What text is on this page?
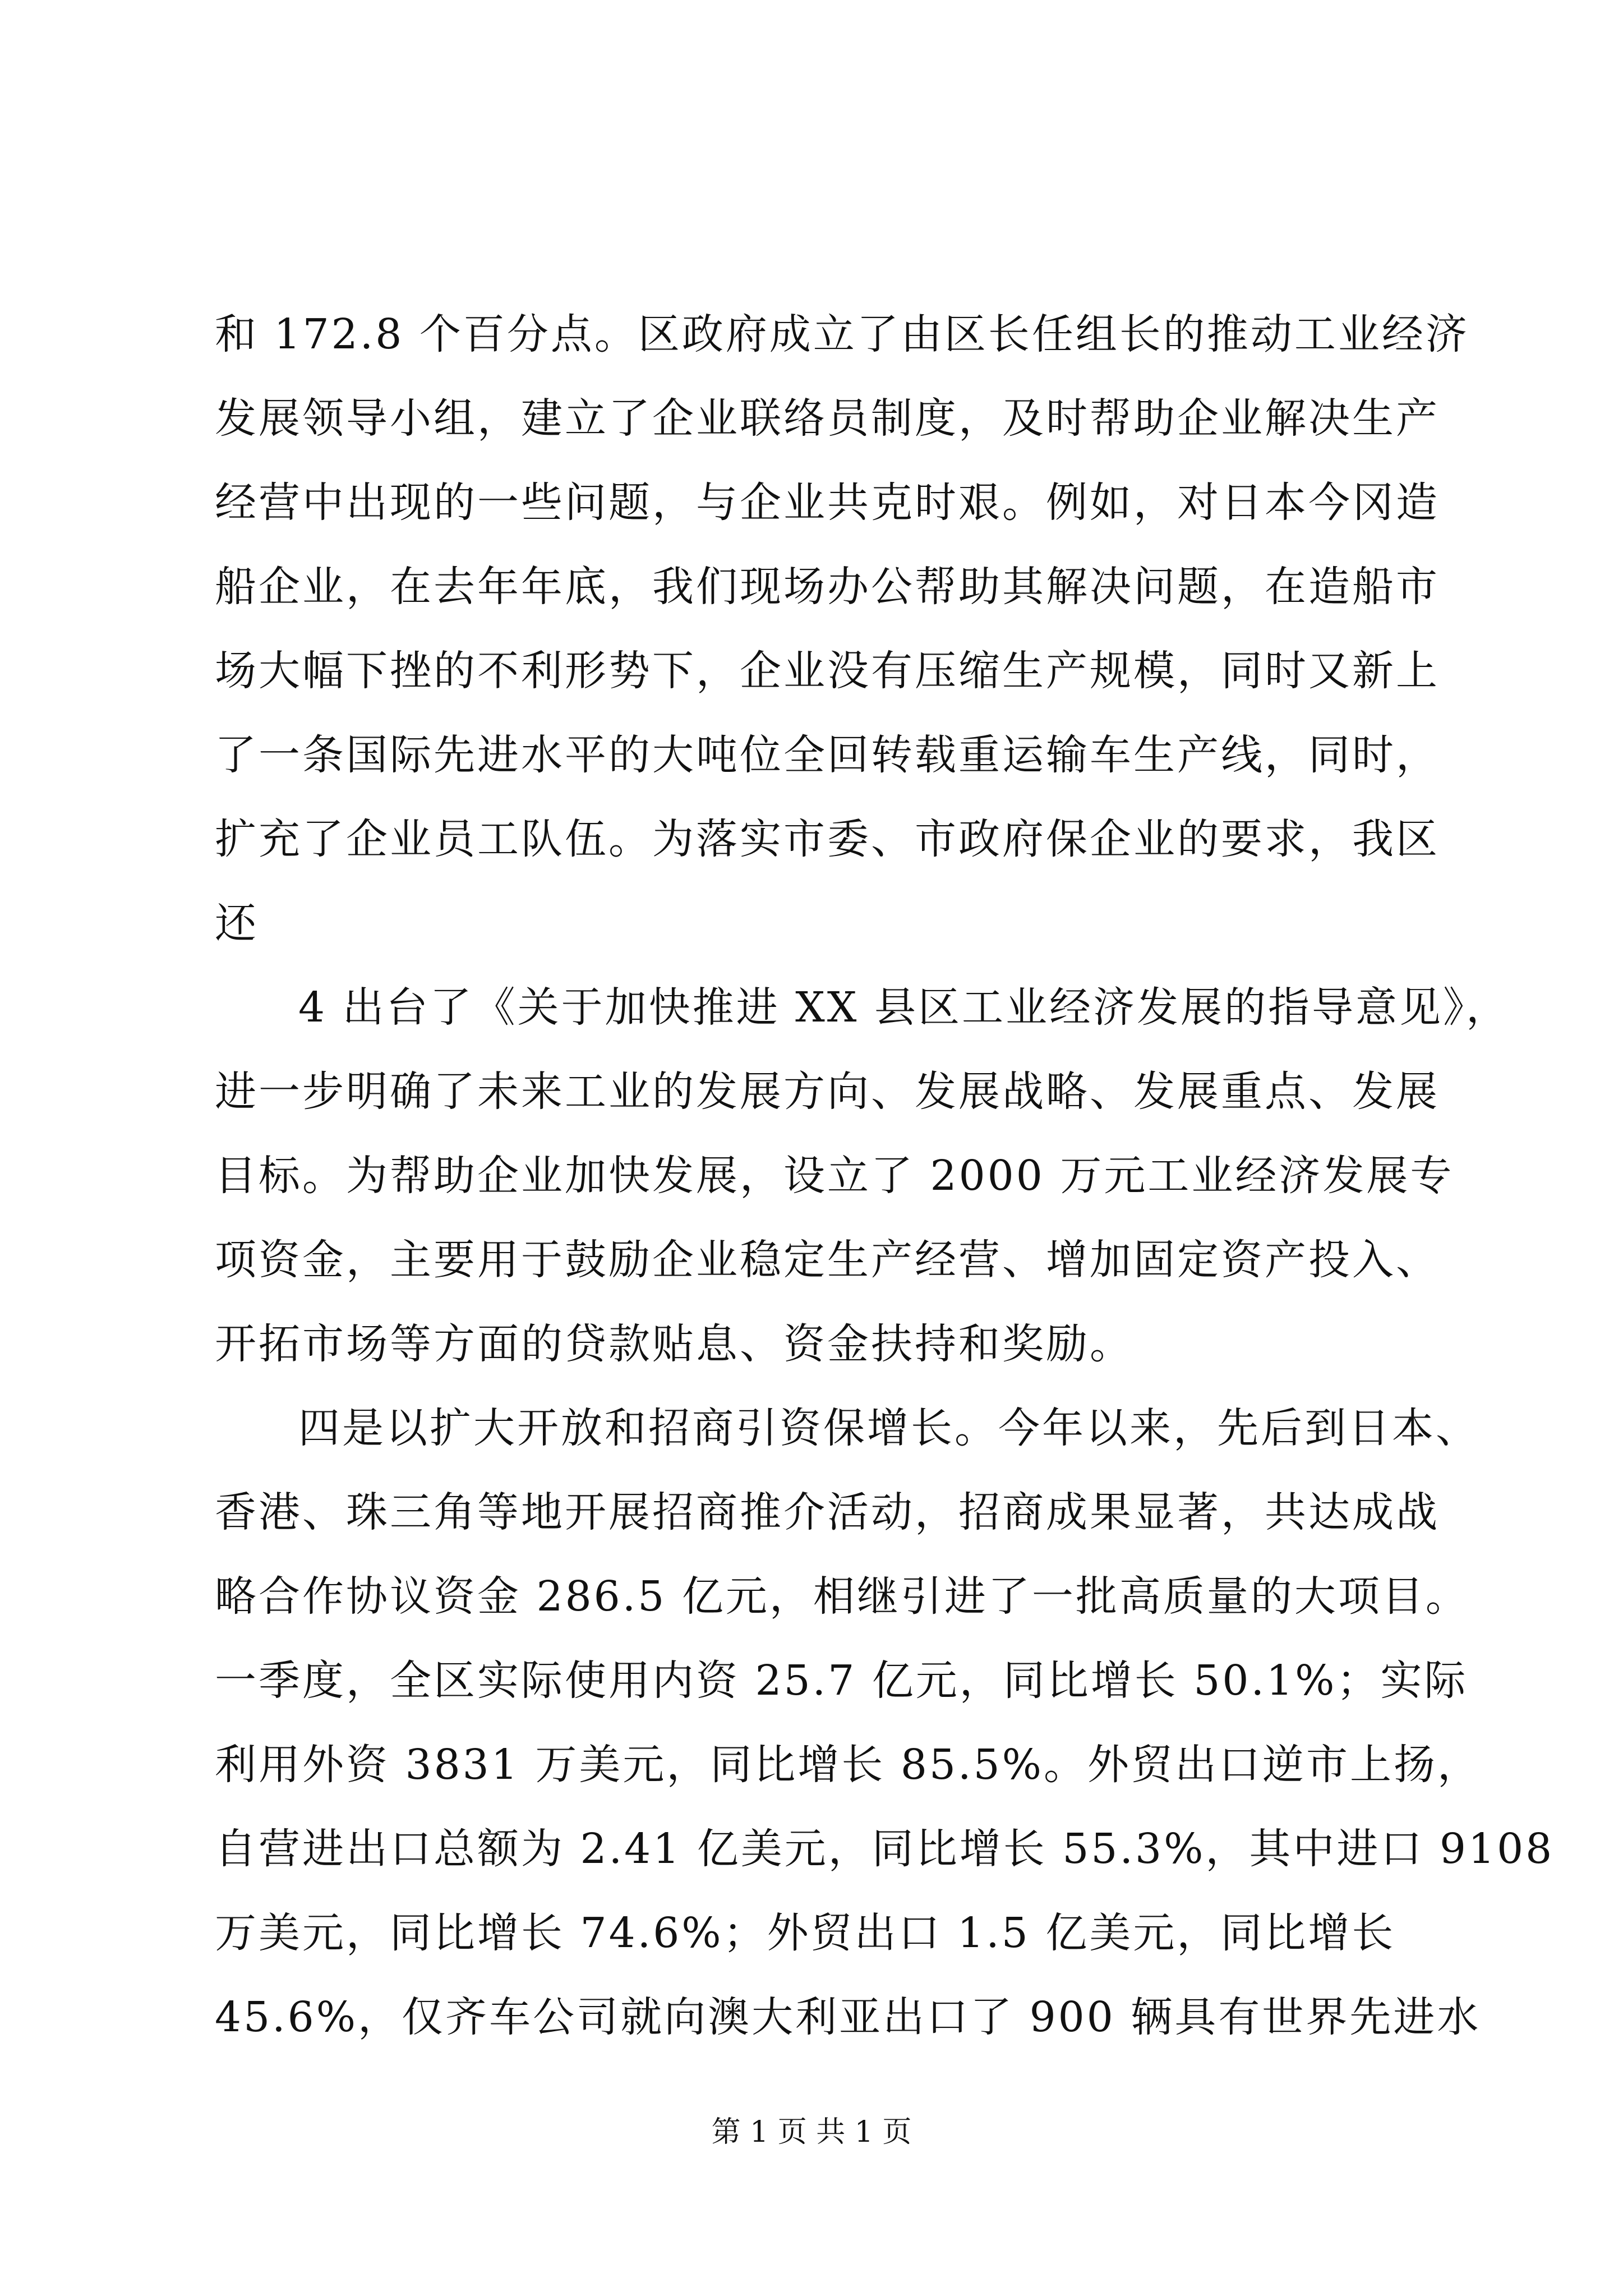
和 172.8 个百分点。区政府成立了由区长任组长的推动工业经济
发展领导小组，建立了企业联络员制度，及时帮助企业解决生产
经营中出现的一些问题，与企业共克时艰。例如，对日本今冈造
船企业，在去年年底，我们现场办公帮助其解决问题，在造船市
场大幅下挫的不利形势下，企业没有压缩生产规模，同时又新上
了一条国际先进水平的大吨位全回转载重运输车生产线，同时，
扩充了企业员工队伍。为落实市委、市政府保企业的要求，我区
还
4 出台了《关于加快推进 XX 县区工业经济发展的指导意见》，
进一步明确了未来工业的发展方向、发展战略、发展重点、发展
目标。为帮助企业加快发展，设立了 2000 万元工业经济发展专
项资金，主要用于鼓励企业稳定生产经营、增加固定资产投入、
开拓市场等方面的贷款贴息、资金扶持和奖励。
四是以扩大开放和招商引资保增长。今年以来，先后到日本、
香港、珠三角等地开展招商推介活动，招商成果显著，共达成战
略合作协议资金 286.5 亿元，相继引进了一批高质量的大项目。
一季度，全区实际使用内资 25.7 亿元，同比增长 50.1%；实际
利用外资 3831 万美元，同比增长 85.5%。外贸出口逆市上扬，
自营进出口总额为 2.41 亿美元，同比增长 55.3%，其中进口 9108
万美元，同比增长 74.6%；外贸出口 1.5 亿美元，同比增长
45.6%，仅齐车公司就向澳大利亚出口了 900 辆具有世界先进水
第 1 页 共 1 页
